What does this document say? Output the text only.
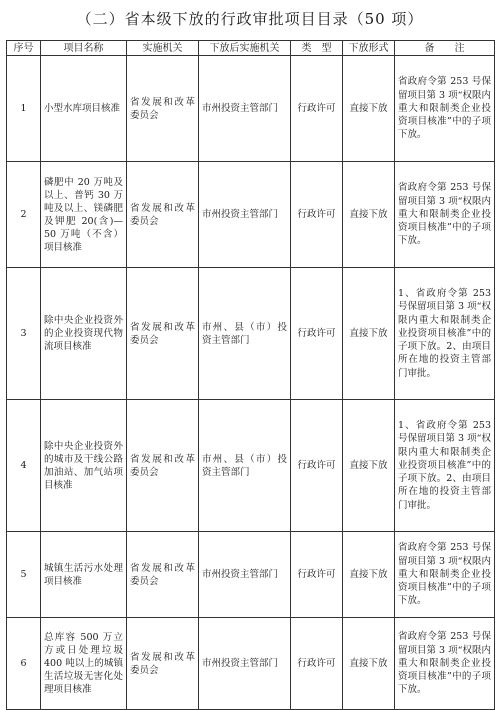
（二）省本级下放的行政审批项目目录（50 项）
序号	项目名称	实施机关	下放后实施机关	类　型	下放形式	备　　注
1	小型水库项目核准	省发展和改革委员会	市州投资主管部门	行政许可	直接下放	省政府令第 253 号保留项目第 3 项“权限内重大和限制类企业投资项目核准”中的子项下放。
2	磷肥中 20 万吨及以上、普钙 30 万吨及以上、镁磷肥及钾肥 20(含)—50 万吨（不含）项目核准	省发展和改革委员会	市州投资主管部门	行政许可	直接下放	省政府令第 253 号保留项目第 3 项“权限内重大和限制类企业投资项目核准”中的子项下放。
3	除中央企业投资外的企业投资现代物流项目核准	省发展和改革委员会	市州、县（市）投资主管部门	行政许可	直接下放	1、省政府令第 253 号保留项目第 3 项“权限内重大和限制类企业投资项目核准”中的子项下放。2、由项目所在地的投资主管部门审批。
4	除中央企业投资外的城市及干线公路加油站、加气站项目核准	省发展和改革委员会	市州、县（市）投资主管部门	行政许可	直接下放	1、省政府令第 253 号保留项目第 3 项“权限内重大和限制类企业投资项目核准”中的子项下放。2、由项目所在地的投资主管部门审批。
5	城镇生活污水处理项目核准	省发展和改革委员会	市州投资主管部门	行政许可	直接下放	省政府令第 253 号保留项目第 3 项“权限内重大和限制类企业投资项目核准”中的子项下放。
6	总库容 500 万立方或日处理垃圾 400 吨以上的城镇生活垃圾无害化处理项目核准	省发展和改革委员会	市州投资主管部门	行政许可	直接下放	省政府令第 253 号保留项目第 3 项“权限内重大和限制类企业投资项目核准”中的子项下放。
